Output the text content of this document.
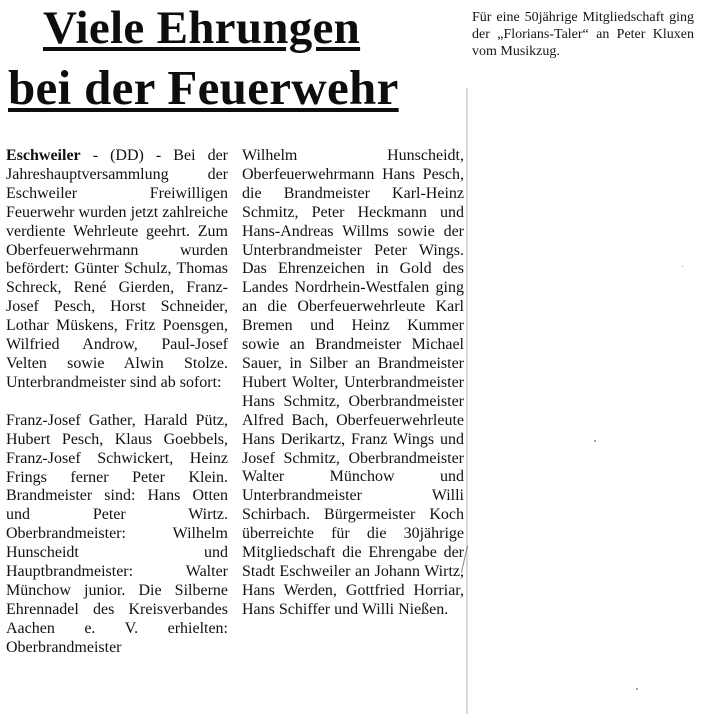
Viele Ehrungen
bei der Feuerwehr

Eschweiler - (DD) - Bei der Jahreshauptversammlung der Eschweiler Freiwilligen Feuerwehr wurden jetzt zahlreiche verdiente Wehrleute geehrt. Zum Oberfeuerwehrmann wurden befördert: Günter Schulz, Thomas Schreck, René Gierden, Franz-Josef Pesch, Horst Schneider, Lothar Müskens, Fritz Poensgen, Wilfried Androw, Paul-Josef Velten sowie Alwin Stolze. Unterbrandmeister sind ab sofort:

Franz-Josef Gather, Harald Pütz, Hubert Pesch, Klaus Goebbels, Franz-Josef Schwickert, Heinz Frings ferner Peter Klein. Brandmeister sind: Hans Otten und Peter Wirtz. Oberbrandmeister: Wilhelm Hunscheidt und Hauptbrandmeister: Walter Münchow junior. Die Silberne Ehrennadel des Kreisverbandes Aachen e. V. erhielten: Oberbrandmeister

Wilhelm Hunscheidt, Oberfeuerwehrmann Hans Pesch, die Brandmeister Karl-Heinz Schmitz, Peter Heckmann und Hans-Andreas Willms sowie der Unterbrandmeister Peter Wings. Das Ehrenzeichen in Gold des Landes Nordrhein-Westfalen ging an die Oberfeuerwehrleute Karl Bremen und Heinz Kummer sowie an Brandmeister Michael Sauer, in Silber an Brandmeister Hubert Wolter, Unterbrandmeister Hans Schmitz, Oberbrandmeister Alfred Bach, Oberfeuerwehrleute Hans Derikartz, Franz Wings und Josef Schmitz, Oberbrandmeister Walter Münchow und Unterbrandmeister Willi Schirbach. Bürgermeister Koch überreichte für die 30jährige Mitgliedschaft die Ehrengabe der Stadt Eschweiler an Johann Wirtz, Hans Werden, Gottfried Horriar, Hans Schiffer und Willi Nießen.

Für eine 50jährige Mitgliedschaft ging der „Florians-Taler“ an Peter Kluxen vom Musikzug.
